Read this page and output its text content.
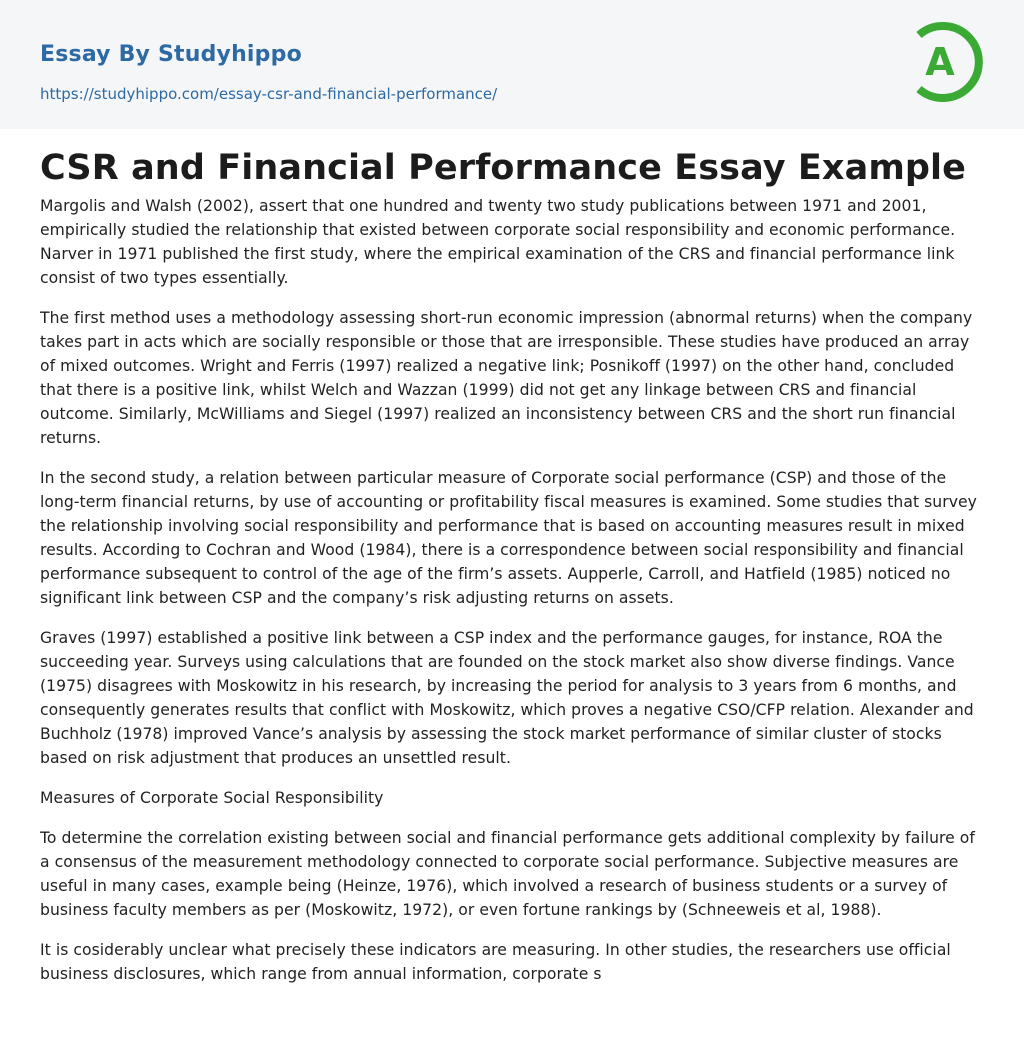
Essay By Studyhippo
https://studyhippo.com/essay-csr-and-financial-performance/
A
CSR and Financial Performance Essay Example

Margolis and Walsh (2002), assert that one hundred and twenty two study publications between 1971 and 2001, empirically studied the relationship that existed between corporate social responsibility and economic performance. Narver in 1971 published the first study, where the empirical examination of the CRS and financial performance link consist of two types essentially.

The first method uses a methodology assessing short-run economic impression (abnormal returns) when the company takes part in acts which are socially responsible or those that are irresponsible. These studies have produced an array of mixed outcomes. Wright and Ferris (1997) realized a negative link; Posnikoff (1997) on the other hand, concluded that there is a positive link, whilst Welch and Wazzan (1999) did not get any linkage between CRS and financial outcome. Similarly, McWilliams and Siegel (1997) realized an inconsistency between CRS and the short run financial returns.

In the second study, a relation between particular measure of Corporate social performance (CSP) and those of the long-term financial returns, by use of accounting or profitability fiscal measures is examined. Some studies that survey the relationship involving social responsibility and performance that is based on accounting measures result in mixed results. According to Cochran and Wood (1984), there is a correspondence between social responsibility and financial performance subsequent to control of the age of the firm’s assets. Aupperle, Carroll, and Hatfield (1985) noticed no significant link between CSP and the company’s risk adjusting returns on assets.

Graves (1997) established a positive link between a CSP index and the performance gauges, for instance, ROA the succeeding year. Surveys using calculations that are founded on the stock market also show diverse findings. Vance (1975) disagrees with Moskowitz in his research, by increasing the period for analysis to 3 years from 6 months, and consequently generates results that conflict with Moskowitz, which proves a negative CSO/CFP relation. Alexander and Buchholz (1978) improved Vance’s analysis by assessing the stock market performance of similar cluster of stocks based on risk adjustment that produces an unsettled result.

Measures of Corporate Social Responsibility

To determine the correlation existing between social and financial performance gets additional complexity by failure of a consensus of the measurement methodology connected to corporate social performance. Subjective measures are useful in many cases, example being (Heinze, 1976), which involved a research of business students or a survey of business faculty members as per (Moskowitz, 1972), or even fortune rankings by (Schneeweis et al, 1988).

It is cosiderably unclear what precisely these indicators are measuring. In other studies, the researchers use official business disclosures, which range from annual information, corporate s
